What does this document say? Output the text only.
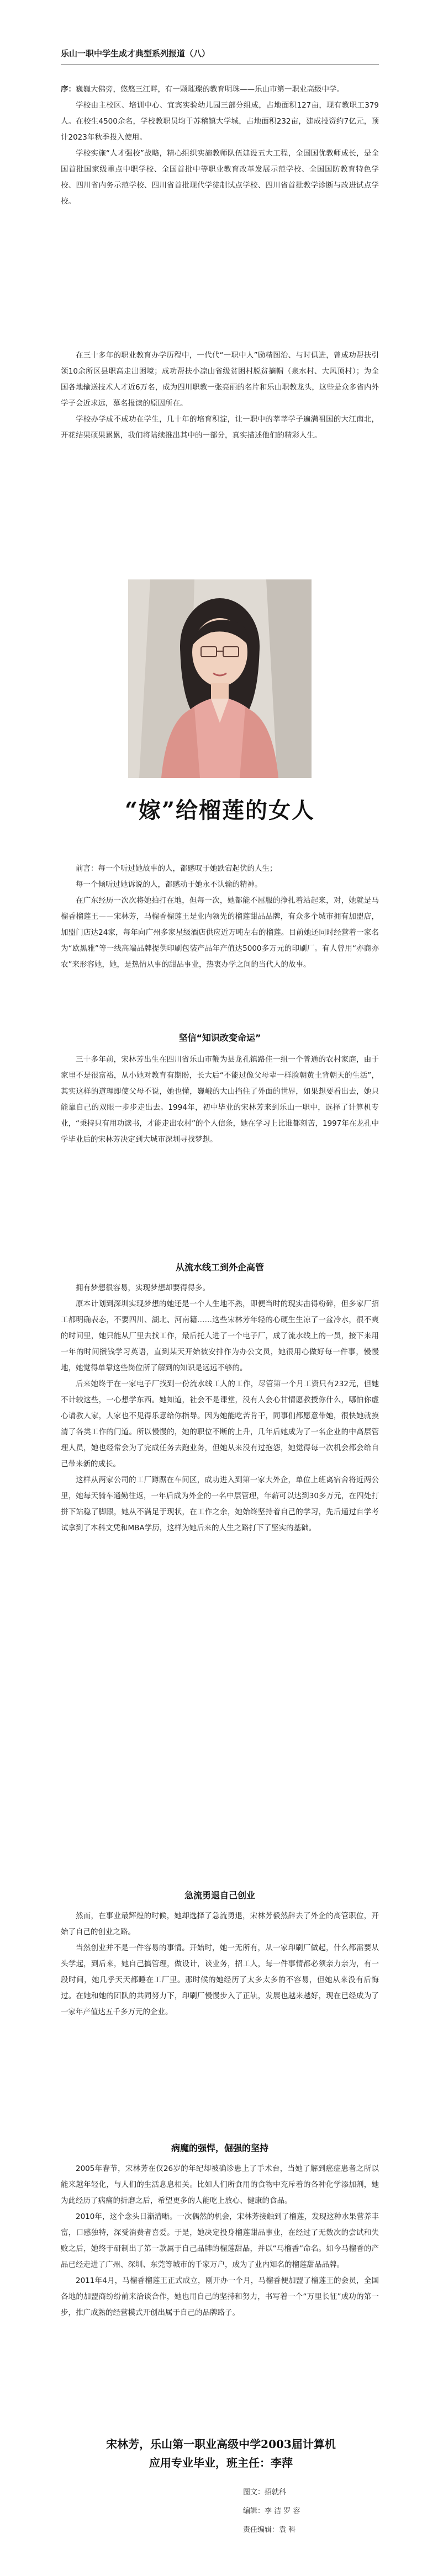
乐山一职中学生成才典型系列报道（八）

序：巍巍大佛旁，悠悠三江畔，有一颗璀璨的教育明珠——乐山市第一职业高级中学。

学校由主校区、培训中心、宜宾实验幼儿园三部分组成，占地面积127亩，现有教职工379人。在校生4500余名，学校教职员均于苏稽镇大学城，占地面积232亩，建成投资约7亿元，预计2023年秋季投入使用。

学校实施“人才强校”战略，精心组织实施教师队伍建设五大工程，全国国优教师成长，是全国首批国家级重点中职学校、全国首批中等职业教育改革发展示范学校、全国国防教育特色学校、四川省内务示范学校、四川省首批现代学徒制试点学校、四川省首批教学诊断与改进试点学校。

在三十多年的职业教育办学历程中，一代代“一职中人”励精图治、与时俱进，曾成功帮扶引领10余所区县职高走出困境；成功帮扶小凉山省级贫困村脱贫摘帽（泉水村、大风顶村）；为全国各地输送技术人才近6万名，成为四川职教一张亮丽的名片和乐山职教龙头，这些是众多省内外学子会近求远，慕名报读的原因所在。

学校办学成不成功在学生，几十年的培育积淀，让一职中的莘莘学子遍满祖国的大江南北，开花结果硕果累累，我们将陆续推出其中的一部分，真实描述他们的精彩人生。

“嫁”给榴莲的女人

前言：每一个听过她故事的人，都感叹于她跌宕起伏的人生；

每一个倾听过她诉说的人，都感动于她永不认输的精神。

在广东经历一次次将她拍打在地，但每一次，她都能不屈服的挣扎着站起来，对，她就是马榴香榴莲王——宋林芳，马榴香榴莲王是业内领先的榴莲甜品品牌，有众多个城市拥有加盟店，加盟门店达24家，每年向广州多家星级酒店供应近万吨左右的榴莲。目前她还同时经营着一家名为“欧黑雅”等一线高端品牌提供印刷包装产品年产值达5000多万元的印刷厂。有人曾用“亦商亦农”来形容她，她，是热情从事的甜品事业，热衷办学之间的当代人的故事。

坚信“知识改变命运”

三十多年前，宋林芳出生在四川省乐山市鞭为县龙孔镇路佳一组一个普通的农村家庭，由于家里不是很富裕，从小她对教育有期盼，长大后“不能过像父母辈一样脸朝黄土背朝天的生活”，其实这样的道理即使父母不说，她也懂，巍峨的大山挡住了外面的世界，如果想要看出去，她只能靠自己的双眼一步步走出去。1994年，初中毕业的宋林芳来到乐山一职中，选择了计算机专业，“秉持只有用功读书，才能走出农村”的个人信条，她在学习上比谁都刻苦，1997年在龙孔中学毕业后的宋林芳决定到大城市深圳寻找梦想。

从流水线工到外企高管

拥有梦想很容易，实现梦想却要得得多。

原本计划到深圳实现梦想的她还是一个人生地不熟，即便当时的现实击得粉碎，但多家厂招工都明确表态，不要四川、湖北、河南籍……这些宋林芳年轻的心硬生生凉了一盆冷水，很不爽的时间里，她只能从厂里去找工作，最后托人进了一个电子厂，成了流水线上的一员，接下来用一年的时间攒钱学习英语，直到某天开始被安排作为办公文员，她很用心做好每一件事，慢慢地，她觉得单靠这些岗位所了解到的知识是远远不够的。

后来她终于在一家电子厂找到一份流水线工人的工作，尽管第一个月工资只有232元，但她不计较这些，一心想学东西。她知道，社会不是课堂，没有人会心甘情愿教授你什么，哪怕你虚心请教人家，人家也不见得乐意给你指导。因为她能吃苦肯干，同事们都愿意带她，很快她就摸清了各类工作的门道。所以慢慢的，她的职位不断的上升，几年后她成为了一名企业的中高层管理人员，她也经常会为了完成任务去跑业务，但她从来没有过抱怨，她觉得每一次机会都会给自己带来新的成长。

这样从两家公司的工厂蹲踞在车间区，成功进入到第一家大外企，单位上班离宿舍将近两公里，她每天骑车通勤往返，一年后成为外企的一名中层管理，年薪可以达到30多万元，在四处打拼下站稳了脚跟，她从不满足于现状，在工作之余，她始终坚持着自己的学习，先后通过自学考试拿到了本科文凭和MBA学历，这样为她后来的人生之路打下了坚实的基础。

急流勇退自己创业

然而，在事业最辉煌的时候，她却选择了急流勇退，宋林芳毅然辞去了外企的高管职位，开始了自己的创业之路。

当然创业并不是一件容易的事情。开始时，她一无所有，从一家印刷厂做起，什么都需要从头学起，到后来，她自己搞管理，做设计，谈业务，招工人，每一件事情都必须亲力亲为，有一段时间，她几乎天天都睡在工厂里。那时候的她经历了太多太多的不容易，但她从来没有后悔过。在她和她的团队的共同努力下，印刷厂慢慢步入了正轨，发展也越来越好，现在已经成为了一家年产值达五千多万元的企业。

病魔的强悍，倔强的坚持

2005年春节，宋林芳在仅26岁的年纪却被确诊患上了手术台，当她了解到癌症患者之所以能来越年轻化，与人们的生活息息相关。比如人们所食用的食物中充斥着的各种化学添加剂，她为此经历了病痛的折磨之后，希望更多的人能吃上放心、健康的食品。

2010年，这个念头日渐清晰。一次偶然的机会，宋林芳接触到了榴莲，发现这种水果营养丰富，口感独特，深受消费者喜爱。于是，她决定投身榴莲甜品事业，在经过了无数次的尝试和失败之后，她终于研制出了第一款属于自己品牌的榴莲甜品，并以“马榴香”命名。如今马榴香的产品已经走进了广州、深圳、东莞等城市的千家万户，成为了业内知名的榴莲甜品品牌。

2011年4月，马榴香榴莲王正式成立，刚开办一个月，马榴香便加盟了榴莲王的会员，全国各地的加盟商纷纷前来洽谈合作，她也用自己的坚持和努力，书写着一个“万里长征”成功的第一步，推广成熟的经营模式开创出属于自己的品牌路子。

宋林芳，乐山第一职业高级中学2003届计算机
应用专业毕业，班主任：李萍
图文：招就科
编辑：李 洁 罗 容
责任编辑：袁 科
